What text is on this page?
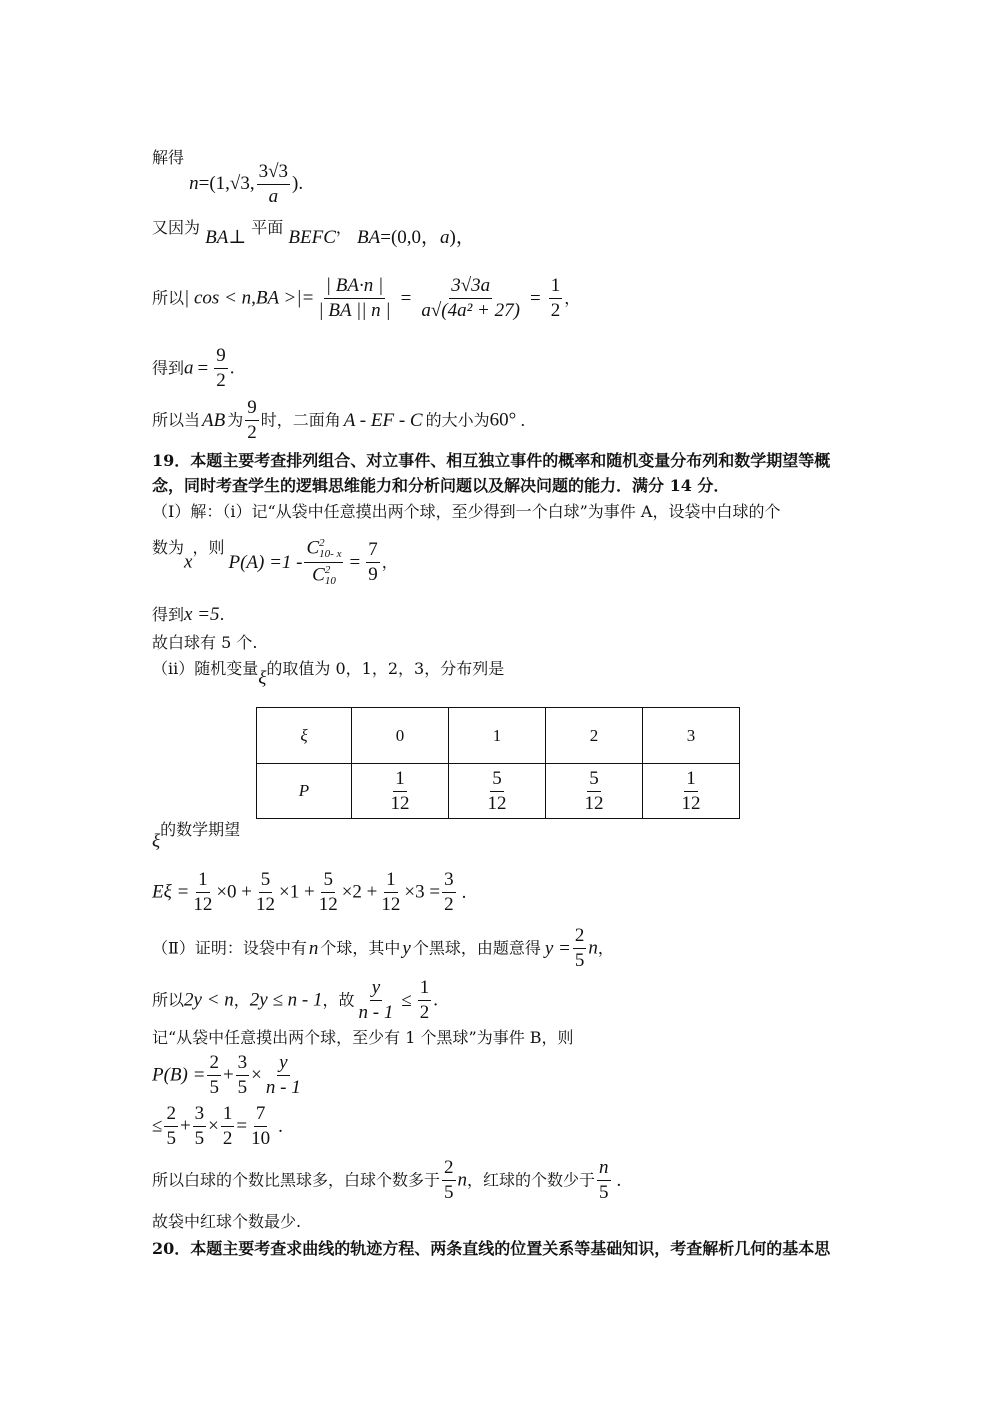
解得 n=(1,√3, $\frac{3√3}{a}$ ).
又因为 BA⊥ 平面 BEFC， BA=(0,0，a)，
所以| cos < n,BA >|= $\frac{| BA\cdot n |}{| BA || n |} = \frac{3√3a}{\text{a√(4a² + 27)}} = \frac{1}{2}$ ，
得到$a = \frac{9}{2}$ .
所以当 AB 为 $\frac{9}{2}$ 时，二面角 A - EF - C 的大小为60° .
19．本题主要考查排列组合、对立事件、相互独立事件的概率和随机变量分布列和数学期望等概
念，同时考查学生的逻辑思维能力和分析问题以及解决问题的能力．满分 14 分．
（Ⅰ）解：（i）记“从袋中任意摸出两个球，至少得到一个白球”为事件 A，设袋中白球的个
数为x，则P(A) =1 - C 2
10- x
C 2
$10 = \frac{7}{9}$ ，
得到x =5.
故白球有 5 个.
（ii）随机变量ξ的取值为 0，1，2，3，分布列是
ξ	0	1	2	3
P	$\frac{1}{12}$	$\frac{5}{12}$	$\frac{5}{12}$	$\frac{1}{12}$
ξ的数学期望
$E\xi = \frac{1}{12} \times 0 + \frac{5}{12} \times 1 + \frac{5}{12} \times 2 + \frac{1}{12} \times 3 = \frac{3}{2}$ .
（Ⅱ）证明：设袋中有 n 个球，其中 y 个黑球，由题意得 $y = \frac{2}{5}$ n，
所以2y < n，2y ≤ n - 1，故 $\frac{y}{n - 1} \le \frac{1}{2}$ .
记“从袋中任意摸出两个球，至少有 1 个黑球”为事件 B，则
$P(B) = \frac{2}{5} + \frac{3}{5} \times \frac{y}{n - 1}$
≤ $\frac{2}{5} + \frac{3}{5} \times \frac{1}{2} = \frac{7}{10}$ .
所以白球的个数比黑球多，白球个数多于 $\frac{2}{5}$ n，红球的个数少于 $\frac{n}{5}$ .
故袋中红球个数最少.
20．本题主要考查求曲线的轨迹方程、两条直线的位置关系等基础知识，考查解析几何的基本思
